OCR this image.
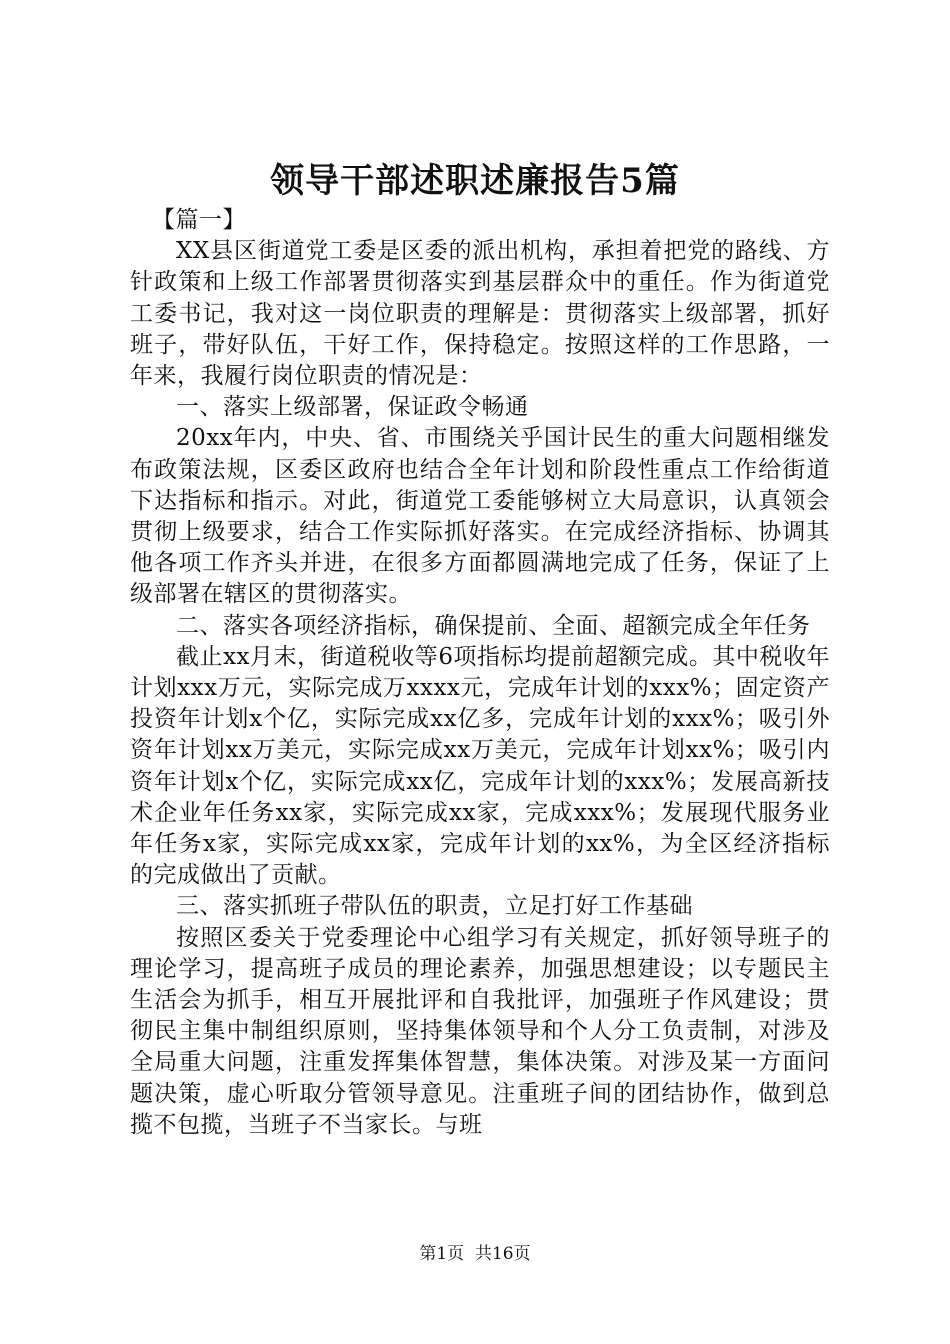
领导干部述职述廉报告5篇

【篇一】

XX县区街道党工委是区委的派出机构，承担着把党的路线、方针政策和上级工作部署贯彻落实到基层群众中的重任。作为街道党工委书记，我对这一岗位职责的理解是：贯彻落实上级部署，抓好班子，带好队伍，干好工作，保持稳定。按照这样的工作思路，一年来，我履行岗位职责的情况是：

一、落实上级部署，保证政令畅通

20xx年内，中央、省、市围绕关乎国计民生的重大问题相继发布政策法规，区委区政府也结合全年计划和阶段性重点工作给街道下达指标和指示。对此，街道党工委能够树立大局意识，认真领会贯彻上级要求，结合工作实际抓好落实。在完成经济指标、协调其他各项工作齐头并进，在很多方面都圆满地完成了任务，保证了上级部署在辖区的贯彻落实。

二、落实各项经济指标，确保提前、全面、超额完成全年任务

截止xx月末，街道税收等6项指标均提前超额完成。其中税收年计划xxx万元，实际完成万xxxx元，完成年计划的xxx%；固定资产投资年计划x个亿，实际完成xx亿多，完成年计划的xxx%；吸引外资年计划xx万美元，实际完成xx万美元，完成年计划xx%；吸引内资年计划x个亿，实际完成xx亿，完成年计划的xxx%；发展高新技术企业年任务xx家，实际完成xx家，完成xxx%；发展现代服务业年任务x家，实际完成xx家，完成年计划的xx%，为全区经济指标的完成做出了贡献。

三、落实抓班子带队伍的职责，立足打好工作基础

按照区委关于党委理论中心组学习有关规定，抓好领导班子的理论学习，提高班子成员的理论素养，加强思想建设；以专题民主生活会为抓手，相互开展批评和自我批评，加强班子作风建设；贯彻民主集中制组织原则，坚持集体领导和个人分工负责制，对涉及全局重大问题，注重发挥集体智慧，集体决策。对涉及某一方面问题决策，虚心听取分管领导意见。注重班子间的团结协作，做到总揽不包揽，当班子不当家长。与班

第1页  共16页
